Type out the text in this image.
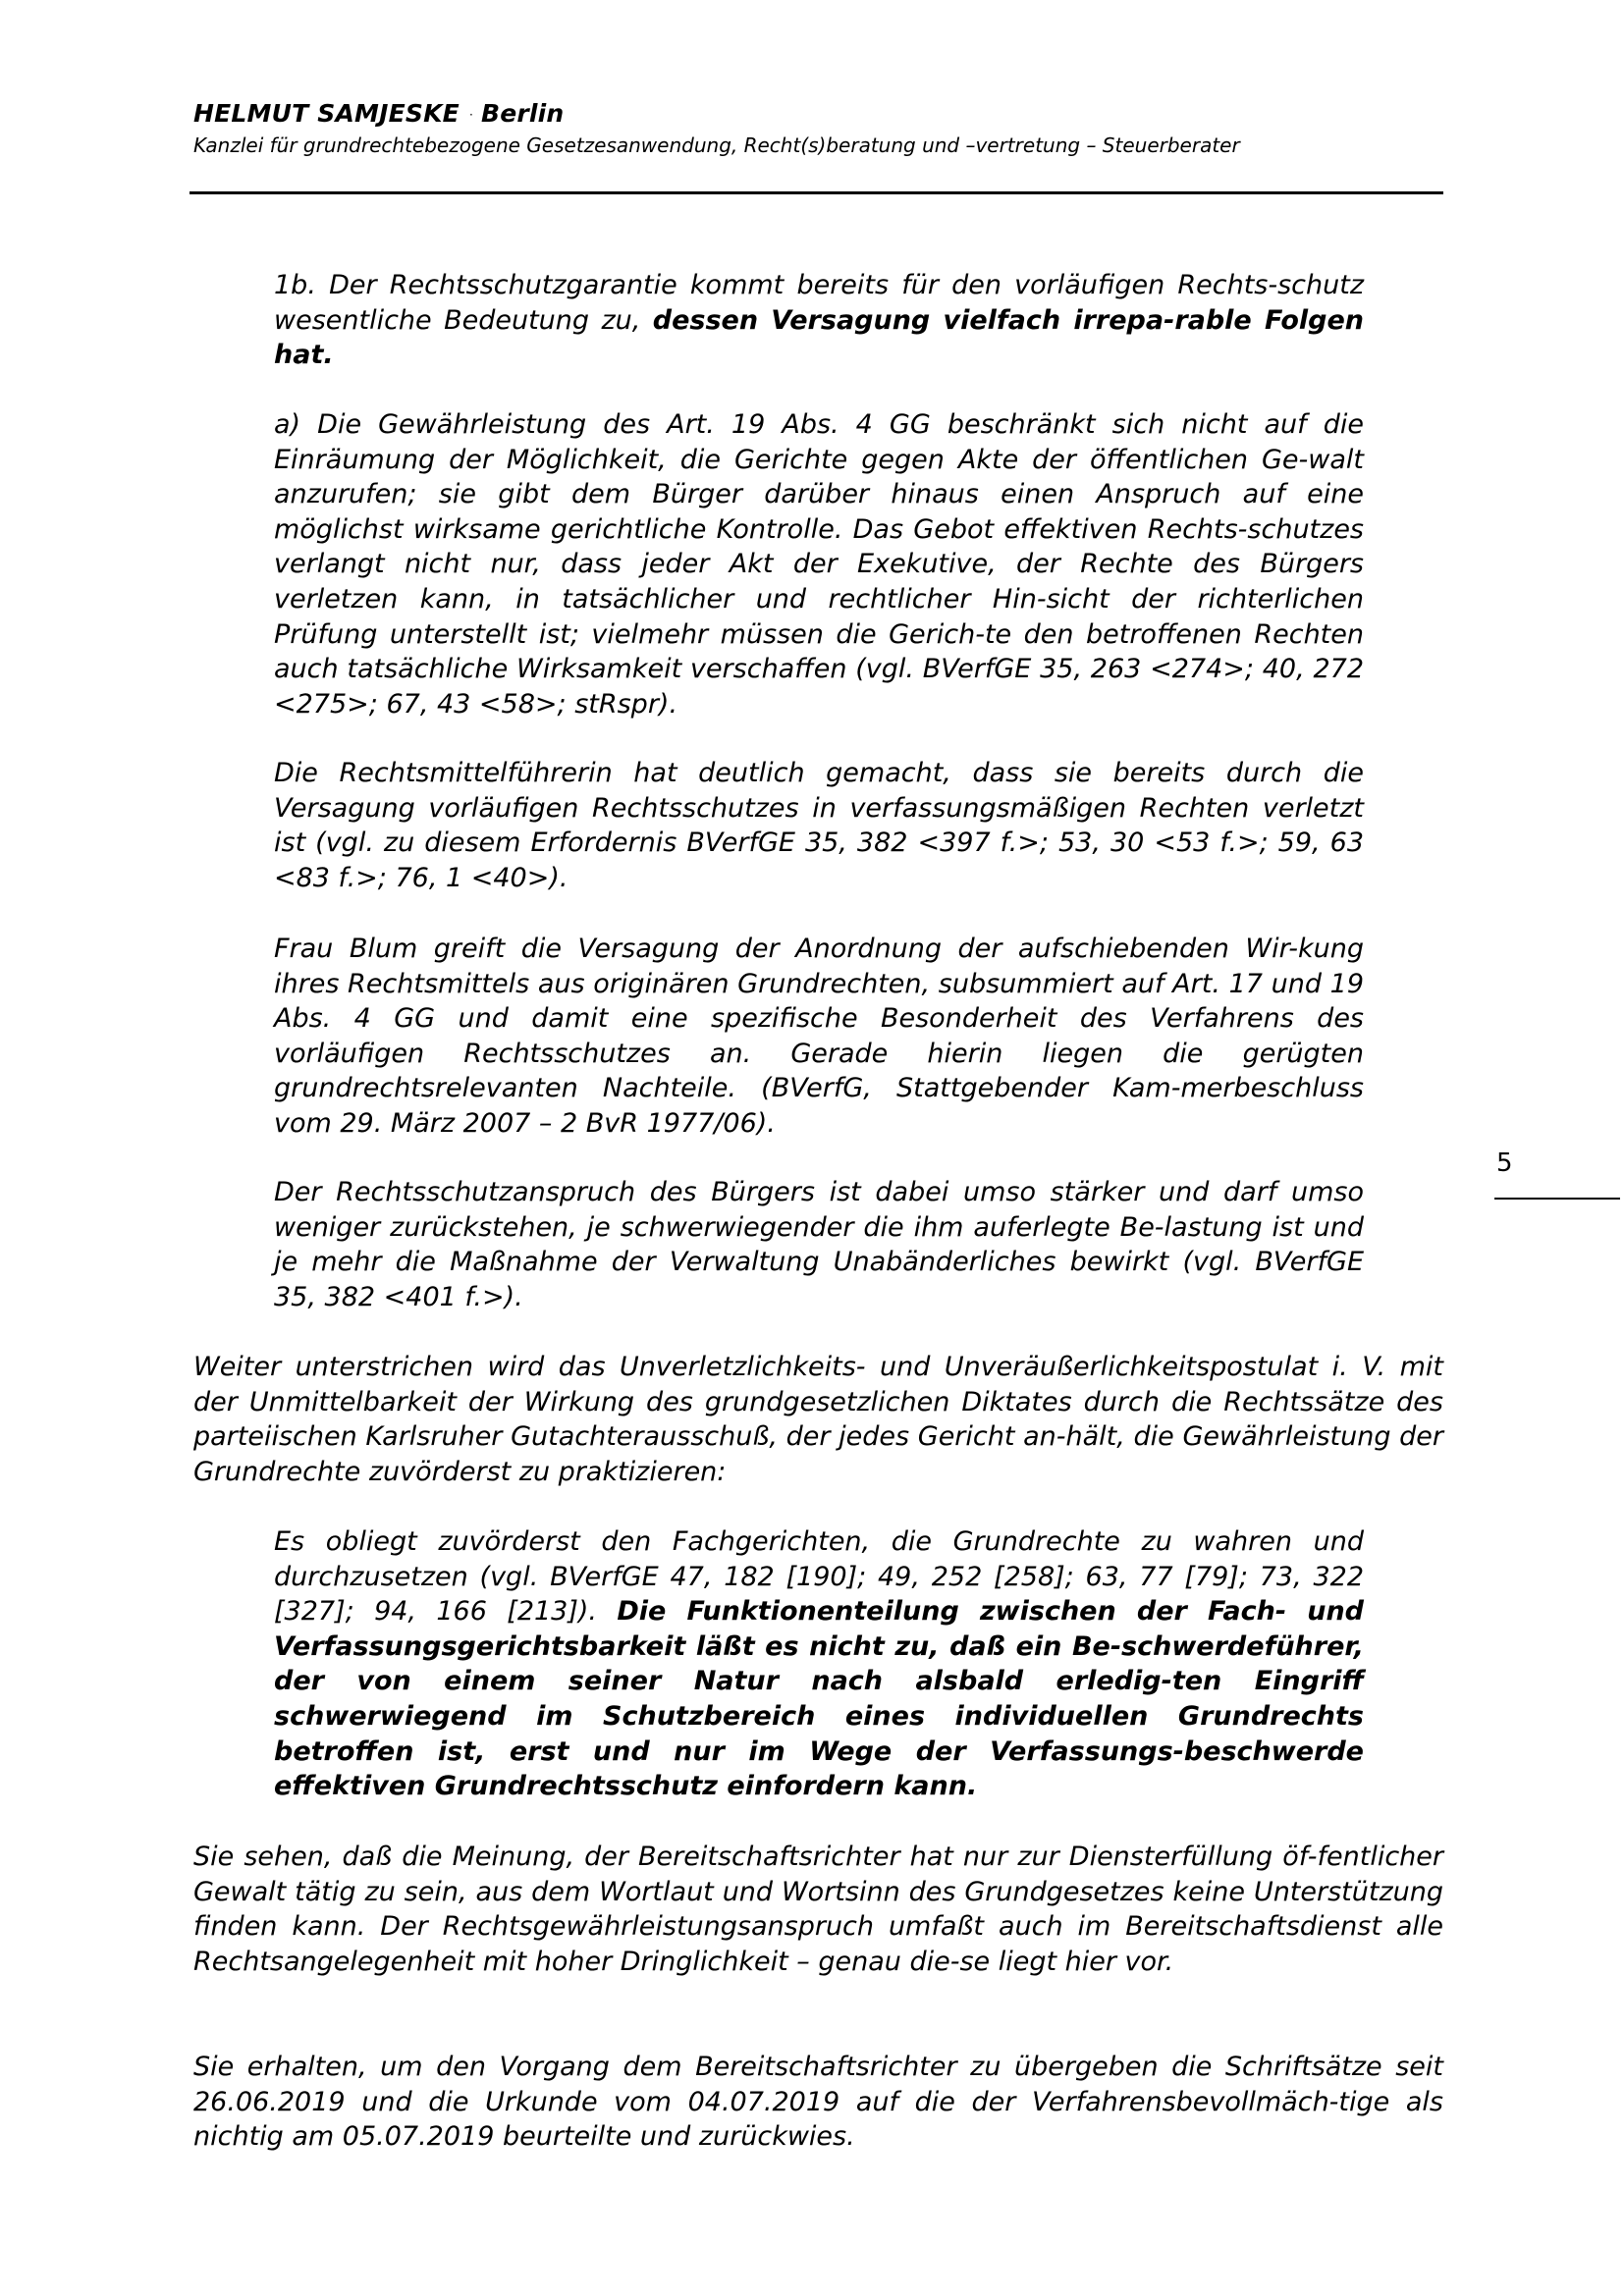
HELMUT SAMJESKE · Berlin
Kanzlei für grundrechtebezogene Gesetzesanwendung, Recht(s)beratung und –vertretung – Steuerberater
5

1b. Der Rechtsschutzgarantie kommt bereits für den vorläufigen Rechts-schutz wesentliche Bedeutung zu, dessen Versagung vielfach irrepa-rable Folgen hat.

a) Die Gewährleistung des Art. 19 Abs. 4 GG beschränkt sich nicht auf die Einräumung der Möglichkeit, die Gerichte gegen Akte der öffentlichen Ge-walt anzurufen; sie gibt dem Bürger darüber hinaus einen Anspruch auf eine möglichst wirksame gerichtliche Kontrolle. Das Gebot effektiven Rechts-schutzes verlangt nicht nur, dass jeder Akt der Exekutive, der Rechte des Bürgers verletzen kann, in tatsächlicher und rechtlicher Hin-sicht der richterlichen Prüfung unterstellt ist; vielmehr müssen die Gerich-te den betroffenen Rechten auch tatsächliche Wirksamkeit verschaffen (vgl. BVerfGE 35, 263 <274>; 40, 272 <275>; 67, 43 <58>; stRspr).

Die Rechtsmittelführerin hat deutlich gemacht, dass sie bereits durch die Versagung vorläufigen Rechtsschutzes in verfassungsmäßigen Rechten verletzt ist (vgl. zu diesem Erfordernis BVerfGE 35, 382 <397 f.>; 53, 30 <53 f.>; 59, 63 <83 f.>; 76, 1 <40>).

Frau Blum greift die Versagung der Anordnung der aufschiebenden Wir-kung ihres Rechtsmittels aus originären Grundrechten, subsummiert auf Art. 17 und 19 Abs. 4 GG und damit eine spezifische Besonderheit des Verfahrens des vorläufigen Rechtsschutzes an. Gerade hierin liegen die gerügten grundrechtsrelevanten Nachteile. (BVerfG, Stattgebender Kam-merbeschluss vom 29. März 2007 – 2 BvR 1977/06).

Der Rechtsschutzanspruch des Bürgers ist dabei umso stärker und darf umso weniger zurückstehen, je schwerwiegender die ihm auferlegte Be-lastung ist und je mehr die Maßnahme der Verwaltung Unabänderliches bewirkt (vgl. BVerfGE 35, 382 <401 f.>).

Weiter unterstrichen wird das Unverletzlichkeits- und Unveräußerlichkeitspostulat i. V. mit der Unmittelbarkeit der Wirkung des grundgesetzlichen Diktates durch die Rechtssätze des parteiischen Karlsruher Gutachterausschuß, der jedes Gericht an-hält, die Gewährleistung der Grundrechte zuvörderst zu praktizieren:

Es obliegt zuvörderst den Fachgerichten, die Grundrechte zu wahren und durchzusetzen (vgl. BVerfGE 47, 182 [190]; 49, 252 [258]; 63, 77 [79]; 73, 322 [327]; 94, 166 [213]). Die Funktionenteilung zwischen der Fach- und Verfassungsgerichtsbarkeit läßt es nicht zu, daß ein Be-schwerdeführer, der von einem seiner Natur nach alsbald erledig-ten Eingriff schwerwiegend im Schutzbereich eines individuellen Grundrechts betroffen ist, erst und nur im Wege der Verfassungs-beschwerde effektiven Grundrechtsschutz einfordern kann.

Sie sehen, daß die Meinung, der Bereitschaftsrichter hat nur zur Diensterfüllung öf-fentlicher Gewalt tätig zu sein, aus dem Wortlaut und Wortsinn des Grundgesetzes keine Unterstützung finden kann. Der Rechtsgewährleistungsanspruch umfaßt auch im Bereitschaftsdienst alle Rechtsangelegenheit mit hoher Dringlichkeit – genau die-se liegt hier vor.

Sie erhalten, um den Vorgang dem Bereitschaftsrichter zu übergeben die Schriftsätze seit 26.06.2019 und die Urkunde vom 04.07.2019 auf die der Verfahrensbevollmäch-tige als nichtig am 05.07.2019 beurteilte und zurückwies.
